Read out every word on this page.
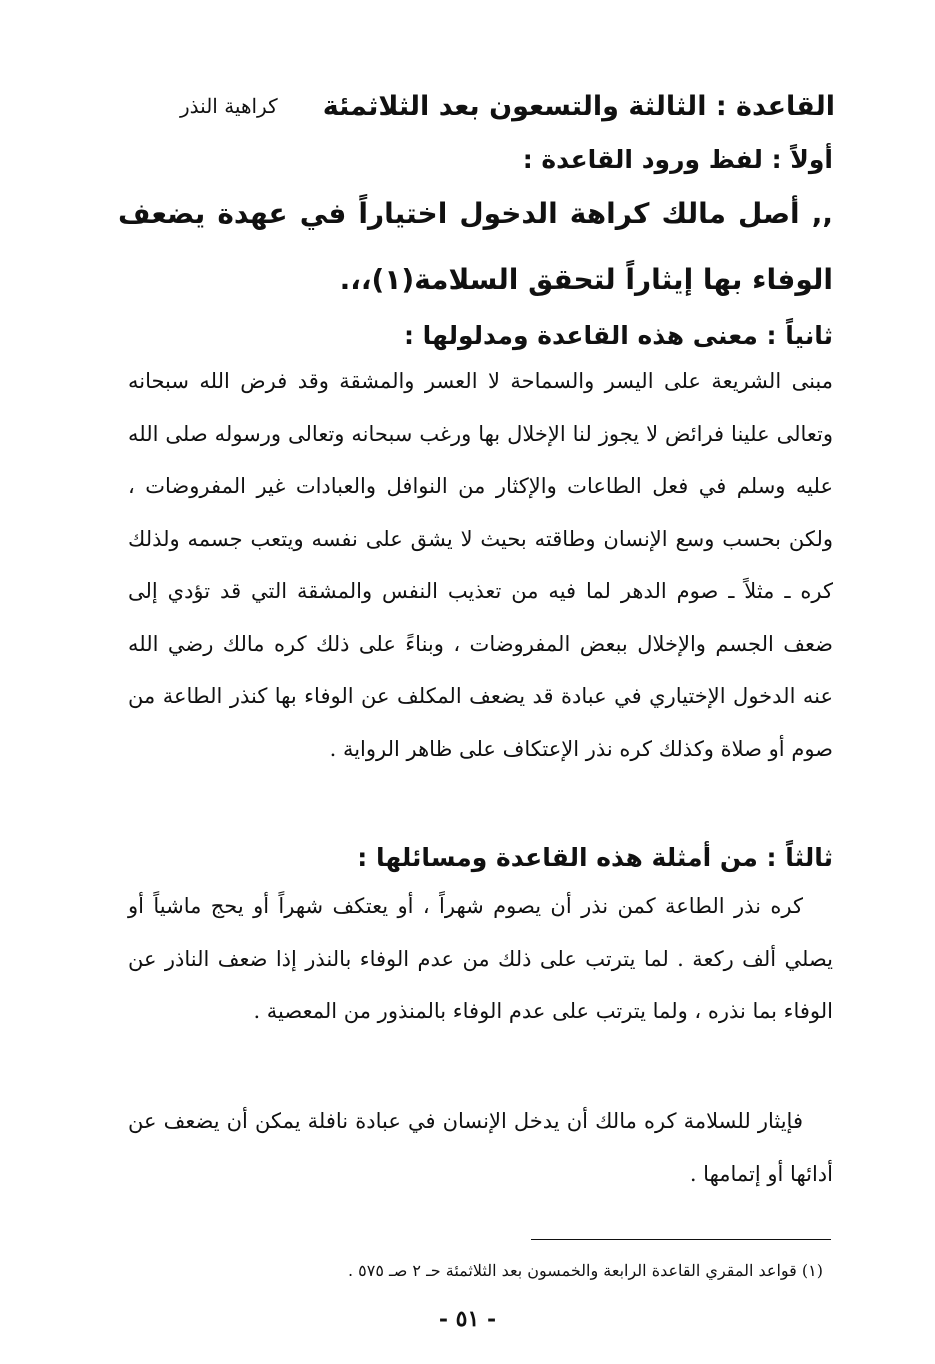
القاعدة : الثالثة والتسعون بعد الثلاثمئة
كراهية النذر
أولاً : لفظ ورود القاعدة :
,, أصل مالك كراهة الدخول اختياراً في عهدة يضعف الوفاء بها إيثاراً لتحقق السلامة(١)،،.
ثانياً : معنى هذه القاعدة ومدلولها :
مبنى الشريعة على اليسر والسماحة لا العسر والمشقة وقد فرض الله سبحانه وتعالى علينا فرائض لا يجوز لنا الإخلال بها ورغب سبحانه وتعالى ورسوله صلى الله عليه وسلم في فعل الطاعات والإكثار من النوافل والعبادات غير المفروضات ، ولكن بحسب وسع الإنسان وطاقته بحيث لا يشق على نفسه ويتعب جسمه ولذلك كره ـ مثلاً ـ صوم الدهر لما فيه من تعذيب النفس والمشقة التي قد تؤدي إلى ضعف الجسم والإخلال ببعض المفروضات ، وبناءً على ذلك كره مالك رضي الله عنه الدخول الإختياري في عبادة قد يضعف المكلف عن الوفاء بها كنذر الطاعة من صوم أو صلاة وكذلك كره نذر الإعتكاف على ظاهر الرواية .
ثالثاً : من أمثلة هذه القاعدة ومسائلها :
كره نذر الطاعة كمن نذر أن يصوم شهراً ، أو يعتكف شهراً أو يحج ماشياً أو يصلي ألف ركعة . لما يترتب على ذلك من عدم الوفاء بالنذر إذا ضعف الناذر عن الوفاء بما نذره ، ولما يترتب على عدم الوفاء بالمنذور من المعصية .
فإيثار للسلامة كره مالك أن يدخل الإنسان في عبادة نافلة يمكن أن يضعف عن أدائها أو إتمامها .
(١) قواعد المقري القاعدة الرابعة والخمسون بعد الثلاثمئة حـ ٢ صـ ٥٧٥ .
- ٥١ -
